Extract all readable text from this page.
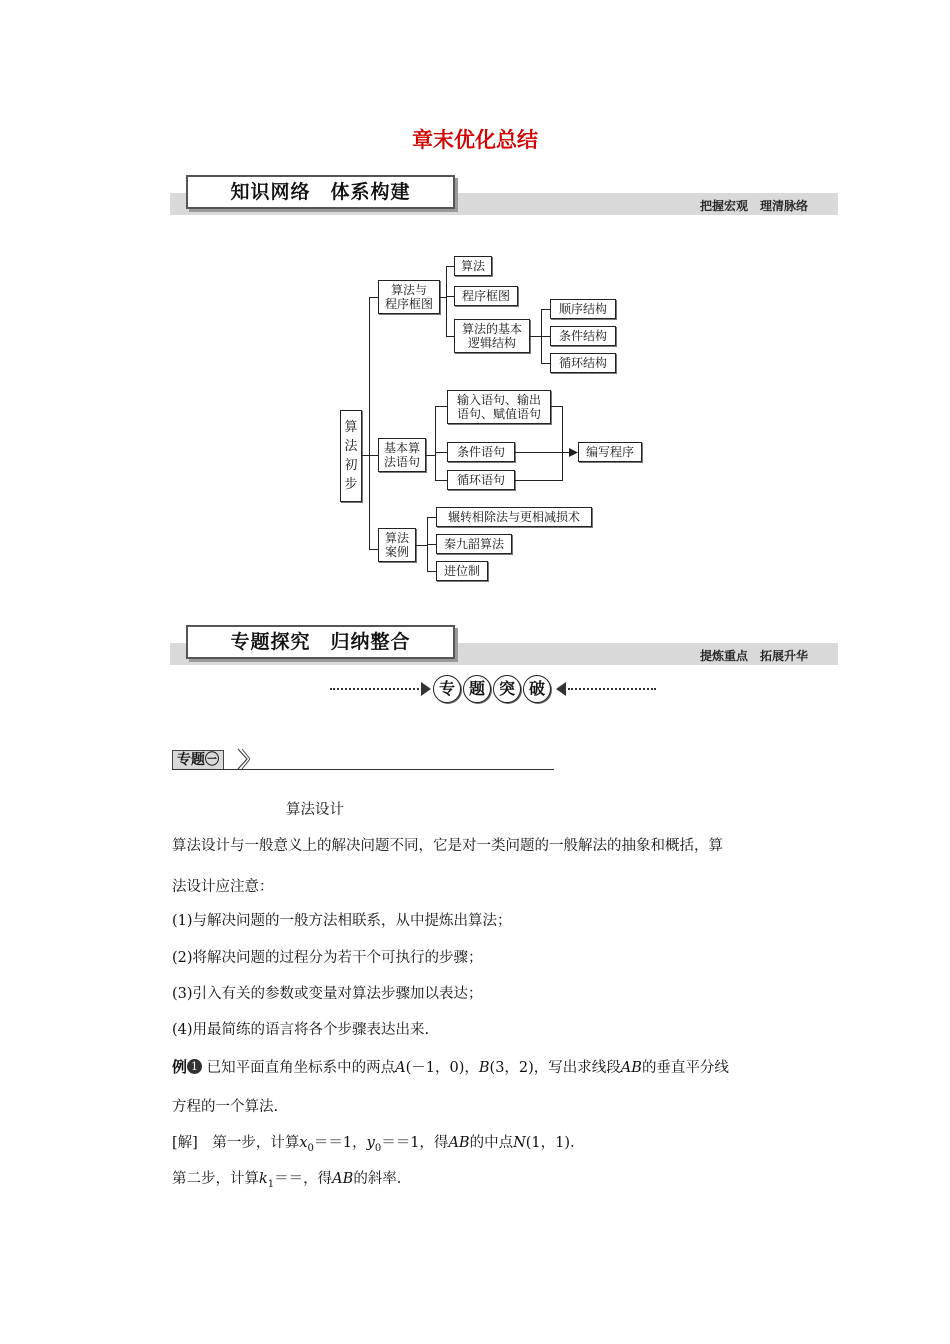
章末优化总结
知识网络　体系构建
把握宏观　理清脉络
算
法
初
步
算法与
程序框图
算法
程序框图
算法的基本
逻辑结构
顺序结构
条件结构
循环结构
基本算
法语句
输入语句、输出
语句、赋值语句
条件语句
循环语句
编写程序
算法
案例
辗转相除法与更相减损术
秦九韶算法
进位制
专题探究　归纳整合
提炼重点　拓展升华
专 题 突 破
专题㊀
算法设计
算法设计与一般意义上的解决问题不同，它是对一类问题的一般解法的抽象和概括，算
法设计应注意：
(1)与解决问题的一般方法相联系，从中提炼出算法；
(2)将解决问题的过程分为若干个可执行的步骤；
(3)引入有关的参数或变量对算法步骤加以表达；
(4)用最简练的语言将各个步骤表达出来.
例 1 已知平面直角坐标系中的两点A(－1，0)，B(3，2)，写出求线段AB的垂直平分线
方程的一个算法.
[解]　 第一步，计算$x_0==1$，$y_0==1$，得AB的中点N(1，1).
第二步，计算$k_1==$，得AB的斜率.
